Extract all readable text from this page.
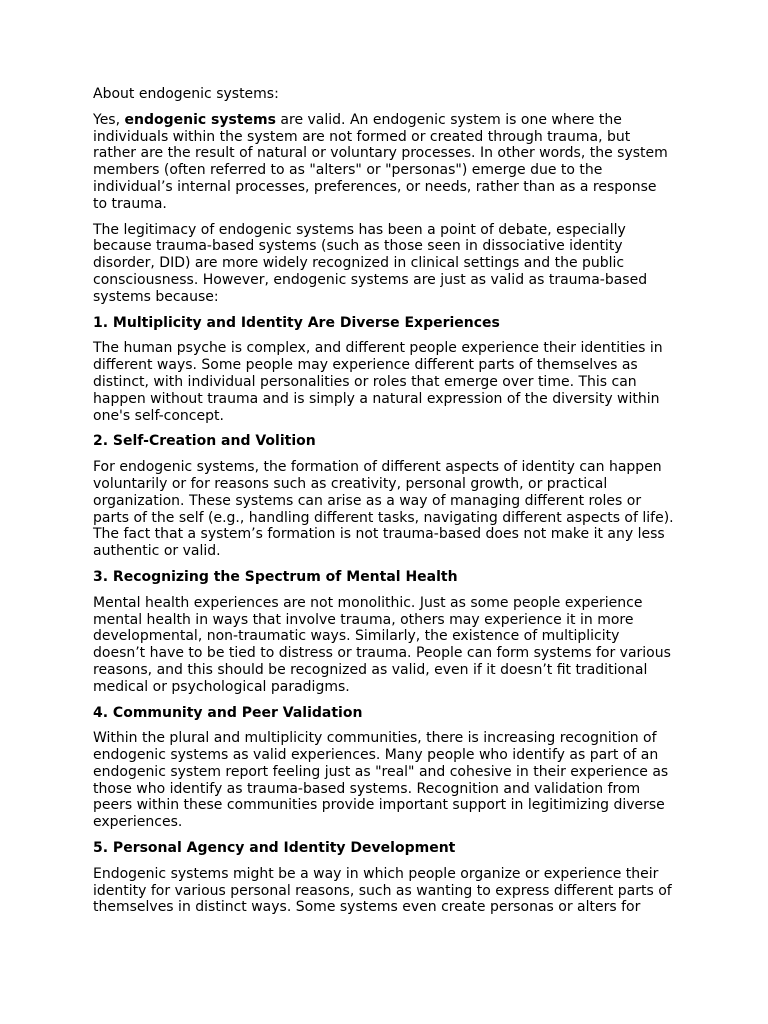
About endogenic systems:

Yes, endogenic systems are valid. An endogenic system is one where the individuals within the system are not formed or created through trauma, but rather are the result of natural or voluntary processes. In other words, the system members (often referred to as "alters" or "personas") emerge due to the individual’s internal processes, preferences, or needs, rather than as a response to trauma.

The legitimacy of endogenic systems has been a point of debate, especially because trauma-based systems (such as those seen in dissociative identity disorder, DID) are more widely recognized in clinical settings and the public consciousness. However, endogenic systems are just as valid as trauma-based systems because:

1. Multiplicity and Identity Are Diverse Experiences

The human psyche is complex, and different people experience their identities in different ways. Some people may experience different parts of themselves as distinct, with individual personalities or roles that emerge over time. This can happen without trauma and is simply a natural expression of the diversity within one's self-concept.

2. Self-Creation and Volition

For endogenic systems, the formation of different aspects of identity can happen voluntarily or for reasons such as creativity, personal growth, or practical organization. These systems can arise as a way of managing different roles or parts of the self (e.g., handling different tasks, navigating different aspects of life). The fact that a system’s formation is not trauma-based does not make it any less authentic or valid.

3. Recognizing the Spectrum of Mental Health

Mental health experiences are not monolithic. Just as some people experience mental health in ways that involve trauma, others may experience it in more developmental, non-traumatic ways. Similarly, the existence of multiplicity doesn’t have to be tied to distress or trauma. People can form systems for various reasons, and this should be recognized as valid, even if it doesn’t fit traditional medical or psychological paradigms.

4. Community and Peer Validation

Within the plural and multiplicity communities, there is increasing recognition of endogenic systems as valid experiences. Many people who identify as part of an endogenic system report feeling just as "real" and cohesive in their experience as those who identify as trauma-based systems. Recognition and validation from peers within these communities provide important support in legitimizing diverse experiences.

5. Personal Agency and Identity Development

Endogenic systems might be a way in which people organize or experience their identity for various personal reasons, such as wanting to express different parts of themselves in distinct ways. Some systems even create personas or alters for
